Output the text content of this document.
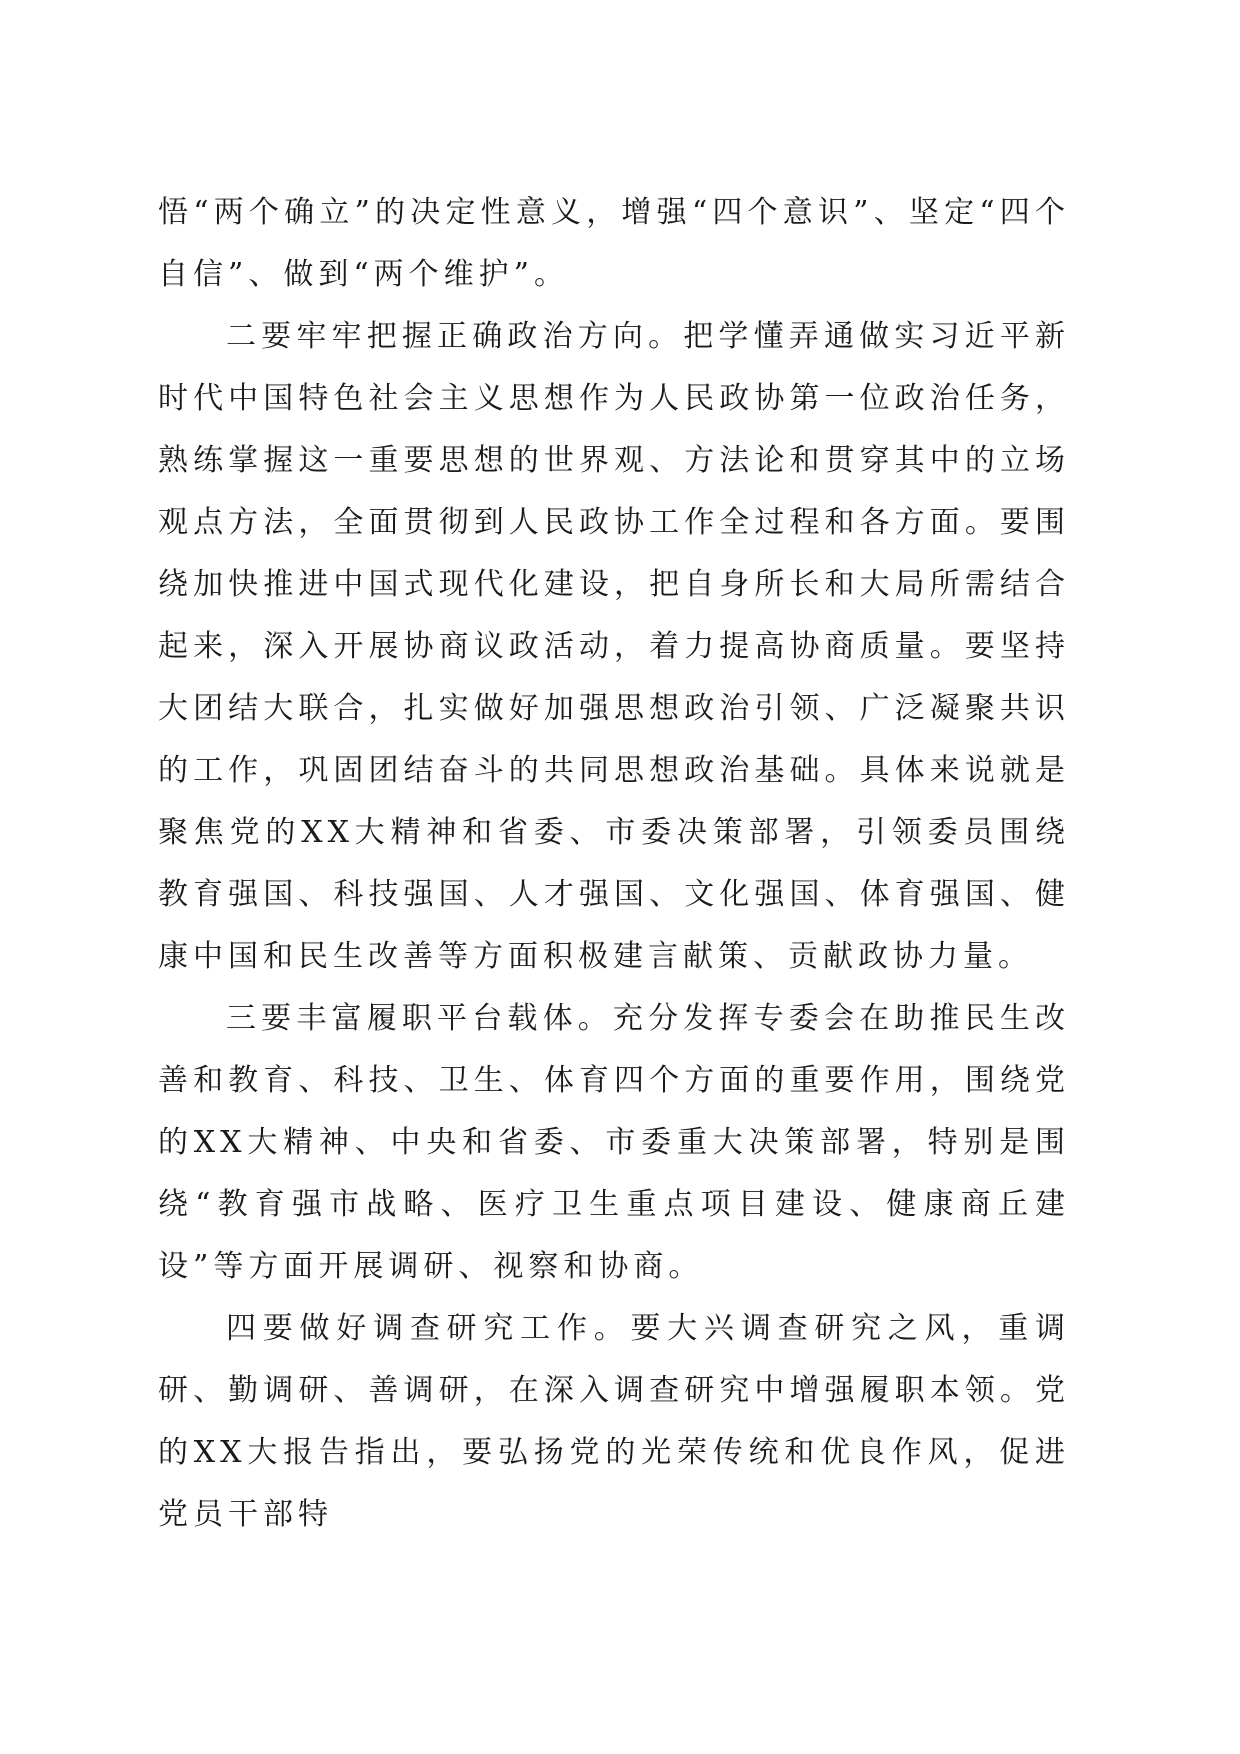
悟“两个确立”的决定性意义，增强“四个意识”、坚定“四个自信”、做到“两个维护”。

二要牢牢把握正确政治方向。把学懂弄通做实习近平新时代中国特色社会主义思想作为人民政协第一位政治任务，熟练掌握这一重要思想的世界观、方法论和贯穿其中的立场观点方法，全面贯彻到人民政协工作全过程和各方面。要围绕加快推进中国式现代化建设，把自身所长和大局所需结合起来，深入开展协商议政活动，着力提高协商质量。要坚持大团结大联合，扎实做好加强思想政治引领、广泛凝聚共识的工作，巩固团结奋斗的共同思想政治基础。具体来说就是聚焦党的XX大精神和省委、市委决策部署，引领委员围绕教育强国、科技强国、人才强国、文化强国、体育强国、健康中国和民生改善等方面积极建言献策、贡献政协力量。

三要丰富履职平台载体。充分发挥专委会在助推民生改善和教育、科技、卫生、体育四个方面的重要作用，围绕党的XX大精神、中央和省委、市委重大决策部署，特别是围绕“教育强市战略、医疗卫生重点项目建设、健康商丘建设”等方面开展调研、视察和协商。

四要做好调查研究工作。要大兴调查研究之风，重调研、勤调研、善调研，在深入调查研究中增强履职本领。党的XX大报告指出，要弘扬党的光荣传统和优良作风，促进党员干部特
